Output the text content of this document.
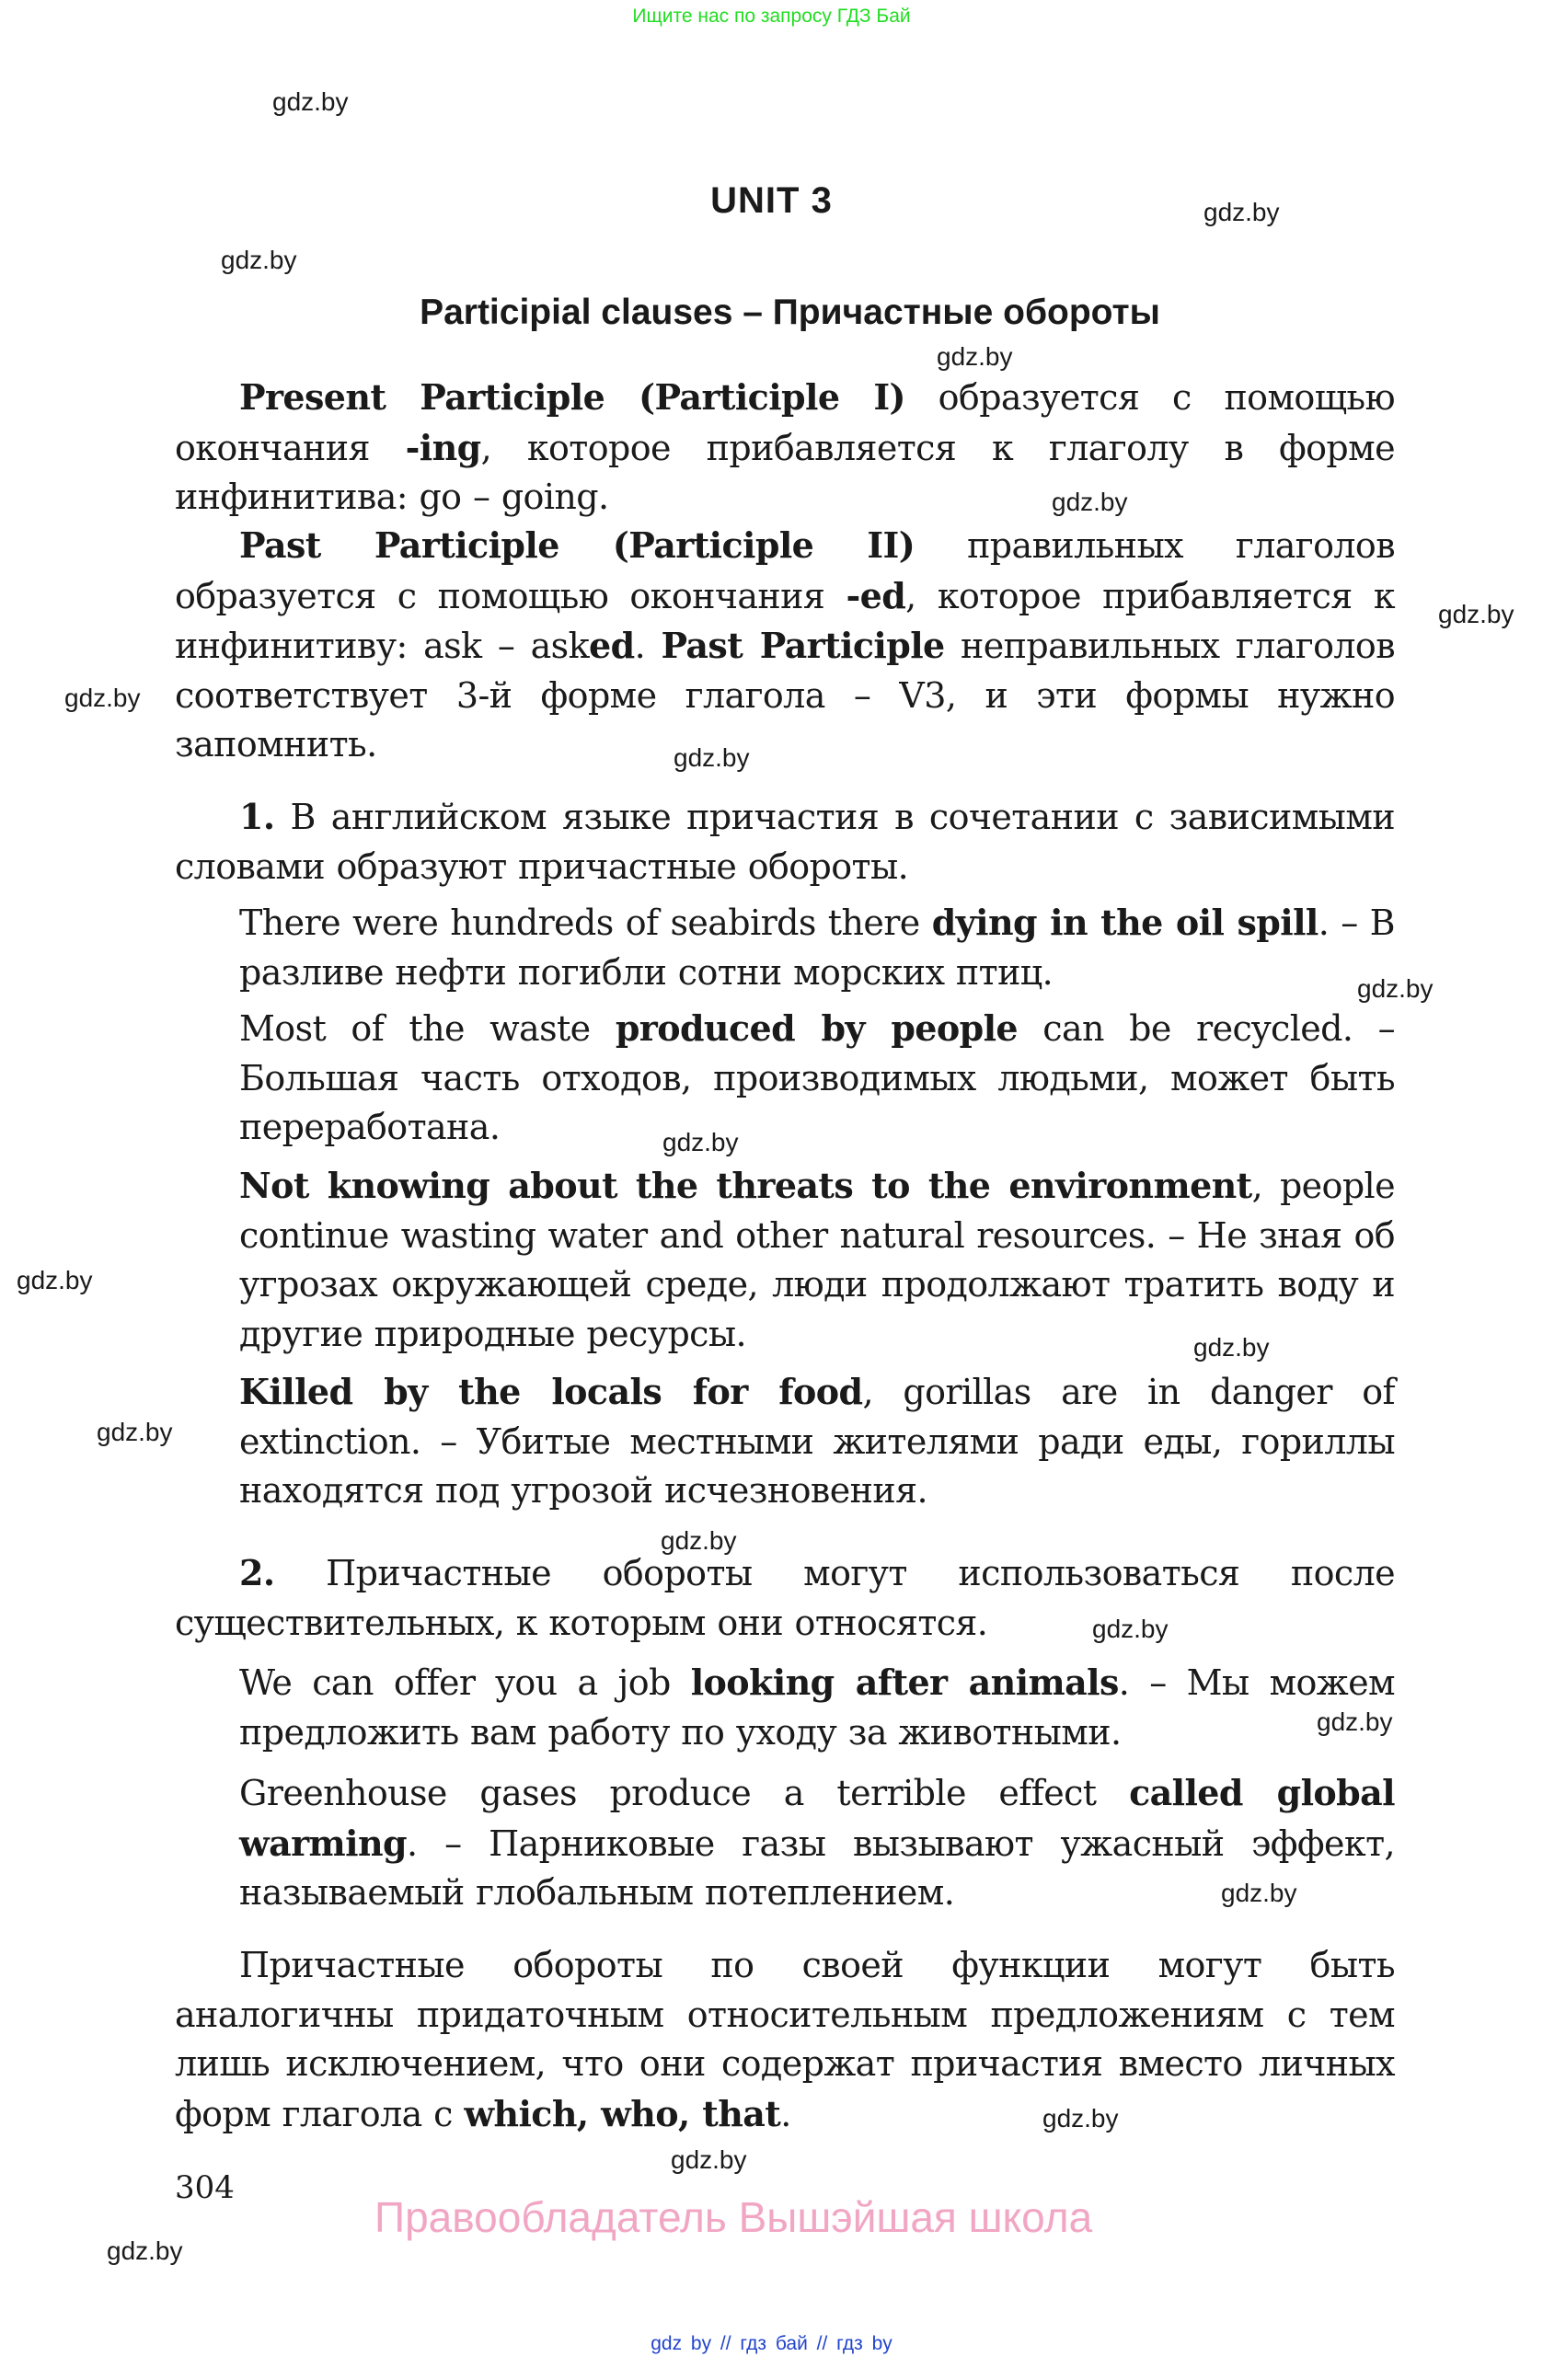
Ищите нас по запросу ГДЗ Бай
UNIT 3
Participial clauses – Причастные обороты
Present Participle (Participle I) образуется с помощью окончания -ing, которое прибавляется к глаголу в форме инфинитива: go – going.
Past Participle (Participle II) правильных глаголов образуется с помощью окончания -ed, которое прибавляется к инфинитиву: ask – asked. Past Participle неправильных глаголов соответствует 3-й форме глагола – V3, и эти формы нужно запомнить.
1. В английском языке причастия в сочетании с зависимыми словами образуют причастные обороты.
There were hundreds of seabirds there dying in the oil spill. – В разливе нефти погибли сотни морских птиц.
Most of the waste produced by people can be recycled. – Большая часть отходов, производимых людьми, может быть переработана.
Not knowing about the threats to the environment, people continue wasting water and other natural resources. – Не зная об угрозах окружающей среде, люди продолжают тратить воду и другие природные ресурсы.
Killed by the locals for food, gorillas are in danger of extinction. – Убитые местными жителями ради еды, гориллы находятся под угрозой исчезновения.
2. Причастные обороты могут использоваться после существительных, к которым они относятся.
We can offer you a job looking after animals. – Мы можем предложить вам работу по уходу за животными.
Greenhouse gases produce a terrible effect called global warming. – Парниковые газы вызывают ужасный эффект, называемый глобальным потеплением.
Причастные обороты по своей функции могут быть аналогичны придаточным относительным предложениям с тем лишь исключением, что они содержат причастия вместо личных форм глагола с which, who, that.
gdz.by
gdz.by
gdz.by
gdz.by
gdz.by
gdz.by
gdz.by
gdz.by
gdz.by
gdz.by
gdz.by
gdz.by
gdz.by
gdz.by
gdz.by
gdz.by
gdz.by
gdz.by
gdz.by
gdz.by
304
Правообладатель Вышэйшая школа
gdz by // гдз бай // гдз by
